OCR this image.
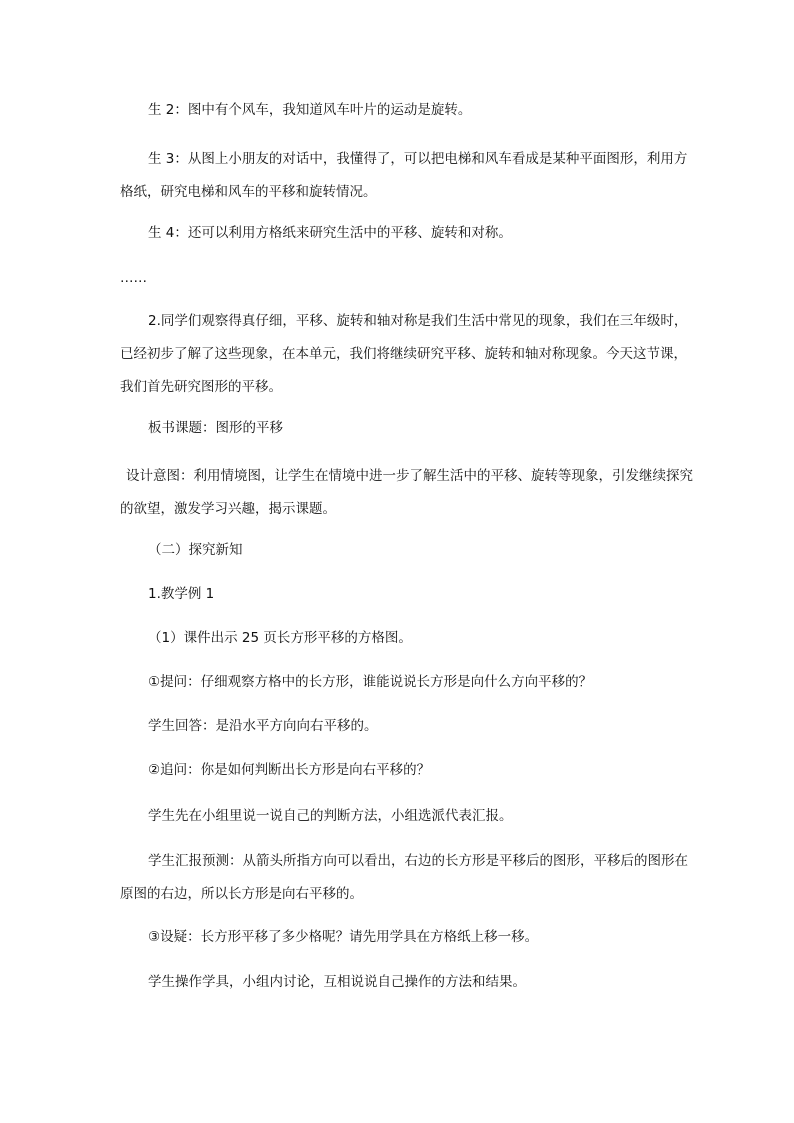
生 2：图中有个风车，我知道风车叶片的运动是旋转。

生 3：从图上小朋友的对话中，我懂得了，可以把电梯和风车看成是某种平面图形，利用方格纸，研究电梯和风车的平移和旋转情况。

生 4：还可以利用方格纸来研究生活中的平移、旋转和对称。

……

2.同学们观察得真仔细，平移、旋转和轴对称是我们生活中常见的现象，我们在三年级时，已经初步了解了这些现象，在本单元，我们将继续研究平移、旋转和轴对称现象。今天这节课，我们首先研究图形的平移。

板书课题：图形的平移

设计意图：利用情境图，让学生在情境中进一步了解生活中的平移、旋转等现象，引发继续探究的欲望，激发学习兴趣，揭示课题。

（二）探究新知

1.教学例 1

（1）课件出示 25 页长方形平移的方格图。

①提问：仔细观察方格中的长方形，谁能说说长方形是向什么方向平移的？

学生回答：是沿水平方向向右平移的。

②追问：你是如何判断出长方形是向右平移的？

学生先在小组里说一说自己的判断方法，小组选派代表汇报。

学生汇报预测：从箭头所指方向可以看出，右边的长方形是平移后的图形，平移后的图形在原图的右边，所以长方形是向右平移的。

③设疑：长方形平移了多少格呢？请先用学具在方格纸上移一移。

学生操作学具，小组内讨论，互相说说自己操作的方法和结果。
